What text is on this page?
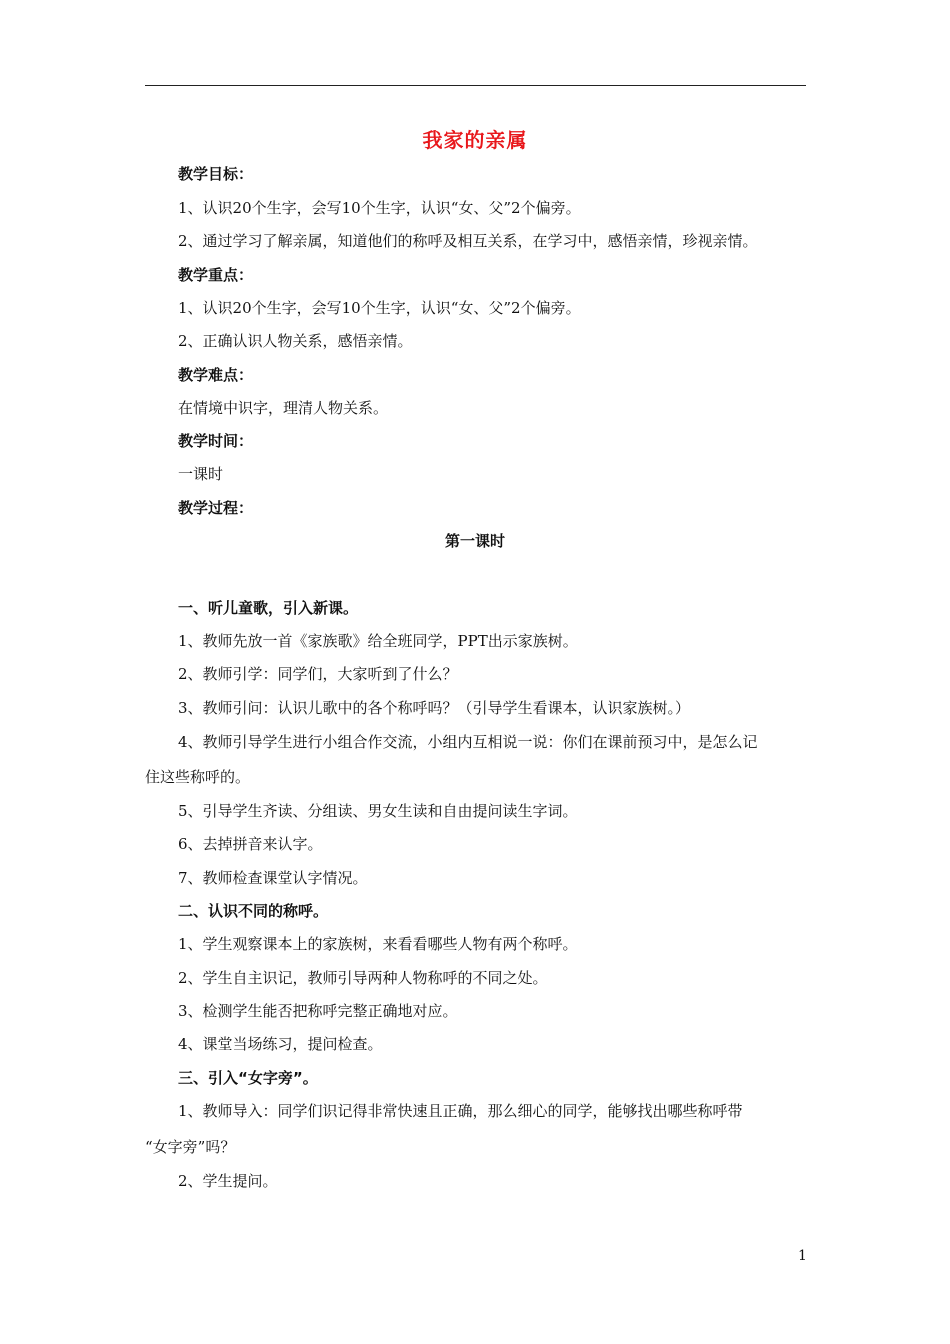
我家的亲属
教学目标：
1、认识20个生字，会写10个生字，认识“女、父”2个偏旁。
2、通过学习了解亲属，知道他们的称呼及相互关系，在学习中，感悟亲情，珍视亲情。
教学重点：
1、认识20个生字，会写10个生字，认识“女、父”2个偏旁。
2、正确认识人物关系，感悟亲情。
教学难点：
在情境中识字，理清人物关系。
教学时间：
一课时
教学过程：
第一课时
一、听儿童歌，引入新课。
1、教师先放一首《家族歌》给全班同学，PPT出示家族树。
2、教师引学：同学们，大家听到了什么？
3、教师引问：认识儿歌中的各个称呼吗？（引导学生看课本，认识家族树。）
4、教师引导学生进行小组合作交流，小组内互相说一说：你们在课前预习中，是怎么记
住这些称呼的。
5、引导学生齐读、分组读、男女生读和自由提问读生字词。
6、去掉拼音来认字。
7、教师检查课堂认字情况。
二、认识不同的称呼。
1、学生观察课本上的家族树，来看看哪些人物有两个称呼。
2、学生自主识记，教师引导两种人物称呼的不同之处。
3、检测学生能否把称呼完整正确地对应。
4、课堂当场练习，提问检查。
三、引入“女字旁”。
1、教师导入：同学们识记得非常快速且正确，那么细心的同学，能够找出哪些称呼带
“女字旁”吗？
2、学生提问。
1
